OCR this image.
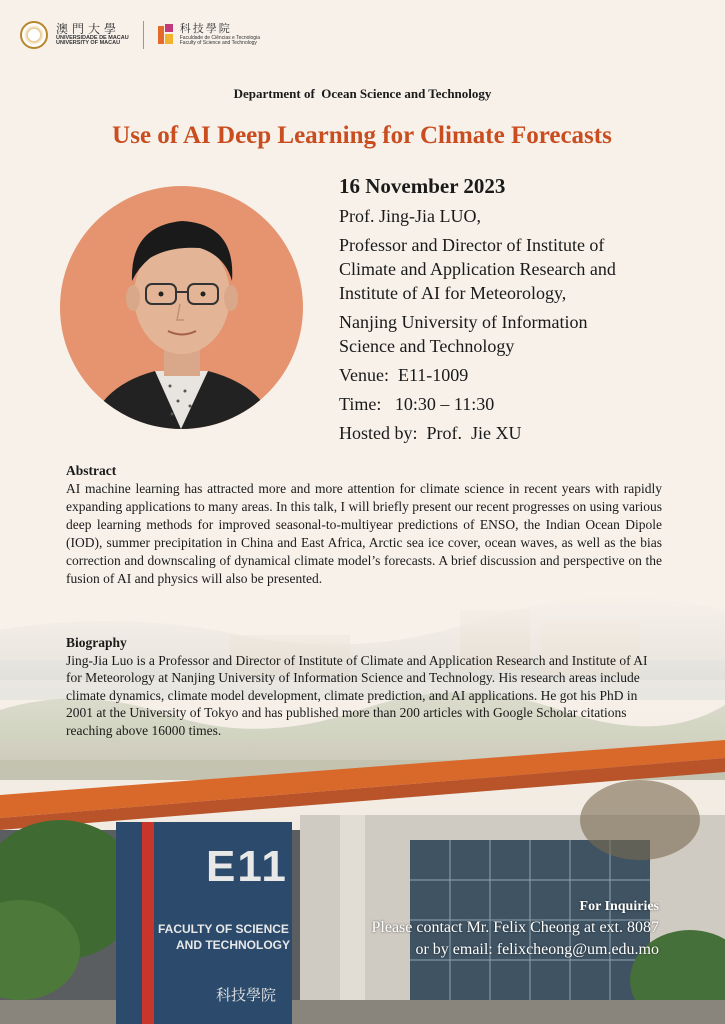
E11
FACULTY OF SCIENCE
AND TECHNOLOGY
科技學院
澳門大學
UNIVERSIDADE DE MACAU
UNIVERSITY OF MACAU
科技學院
Faculdade de Ciências e Tecnologia
Faculty of Science and Technology
Department of  Ocean Science and Technology
Use of AI Deep Learning for Climate Forecasts
16 November 2023
Prof. Jing-Jia LUO,
Professor and Director of Institute of
Climate and Application Research and
Institute of AI for Meteorology,
Nanjing University of Information
Science and Technology
Venue:  E11-1009
Time:   10:30 – 11:30
Hosted by:  Prof.  Jie XU
Abstract

AI machine learning has attracted more and more attention for climate science in recent years with rapidly expanding applications to many areas. In this talk, I will briefly present our recent progresses on using various deep learning methods for improved seasonal-to-multiyear predictions of ENSO, the Indian Ocean Dipole (IOD), summer precipitation in China and East Africa, Arctic sea ice cover, ocean waves, as well as the bias correction and downscaling of dynamical climate model’s forecasts. A brief discussion and perspective on the fusion of AI and physics will also be presented.

Biography

Jing-Jia Luo is a Professor and Director of Institute of Climate and Application Research and Institute of AI for Meteorology at Nanjing University of Information Science and Technology. His research areas include climate dynamics, climate model development, climate prediction, and AI applications. He got his PhD in 2001 at the University of Tokyo and has published more than 200 articles with Google Scholar citations reaching above 16000 times.

For Inquiries
Please contact Mr. Felix Cheong at ext. 8087
or by email: felixcheong@um.edu.mo
